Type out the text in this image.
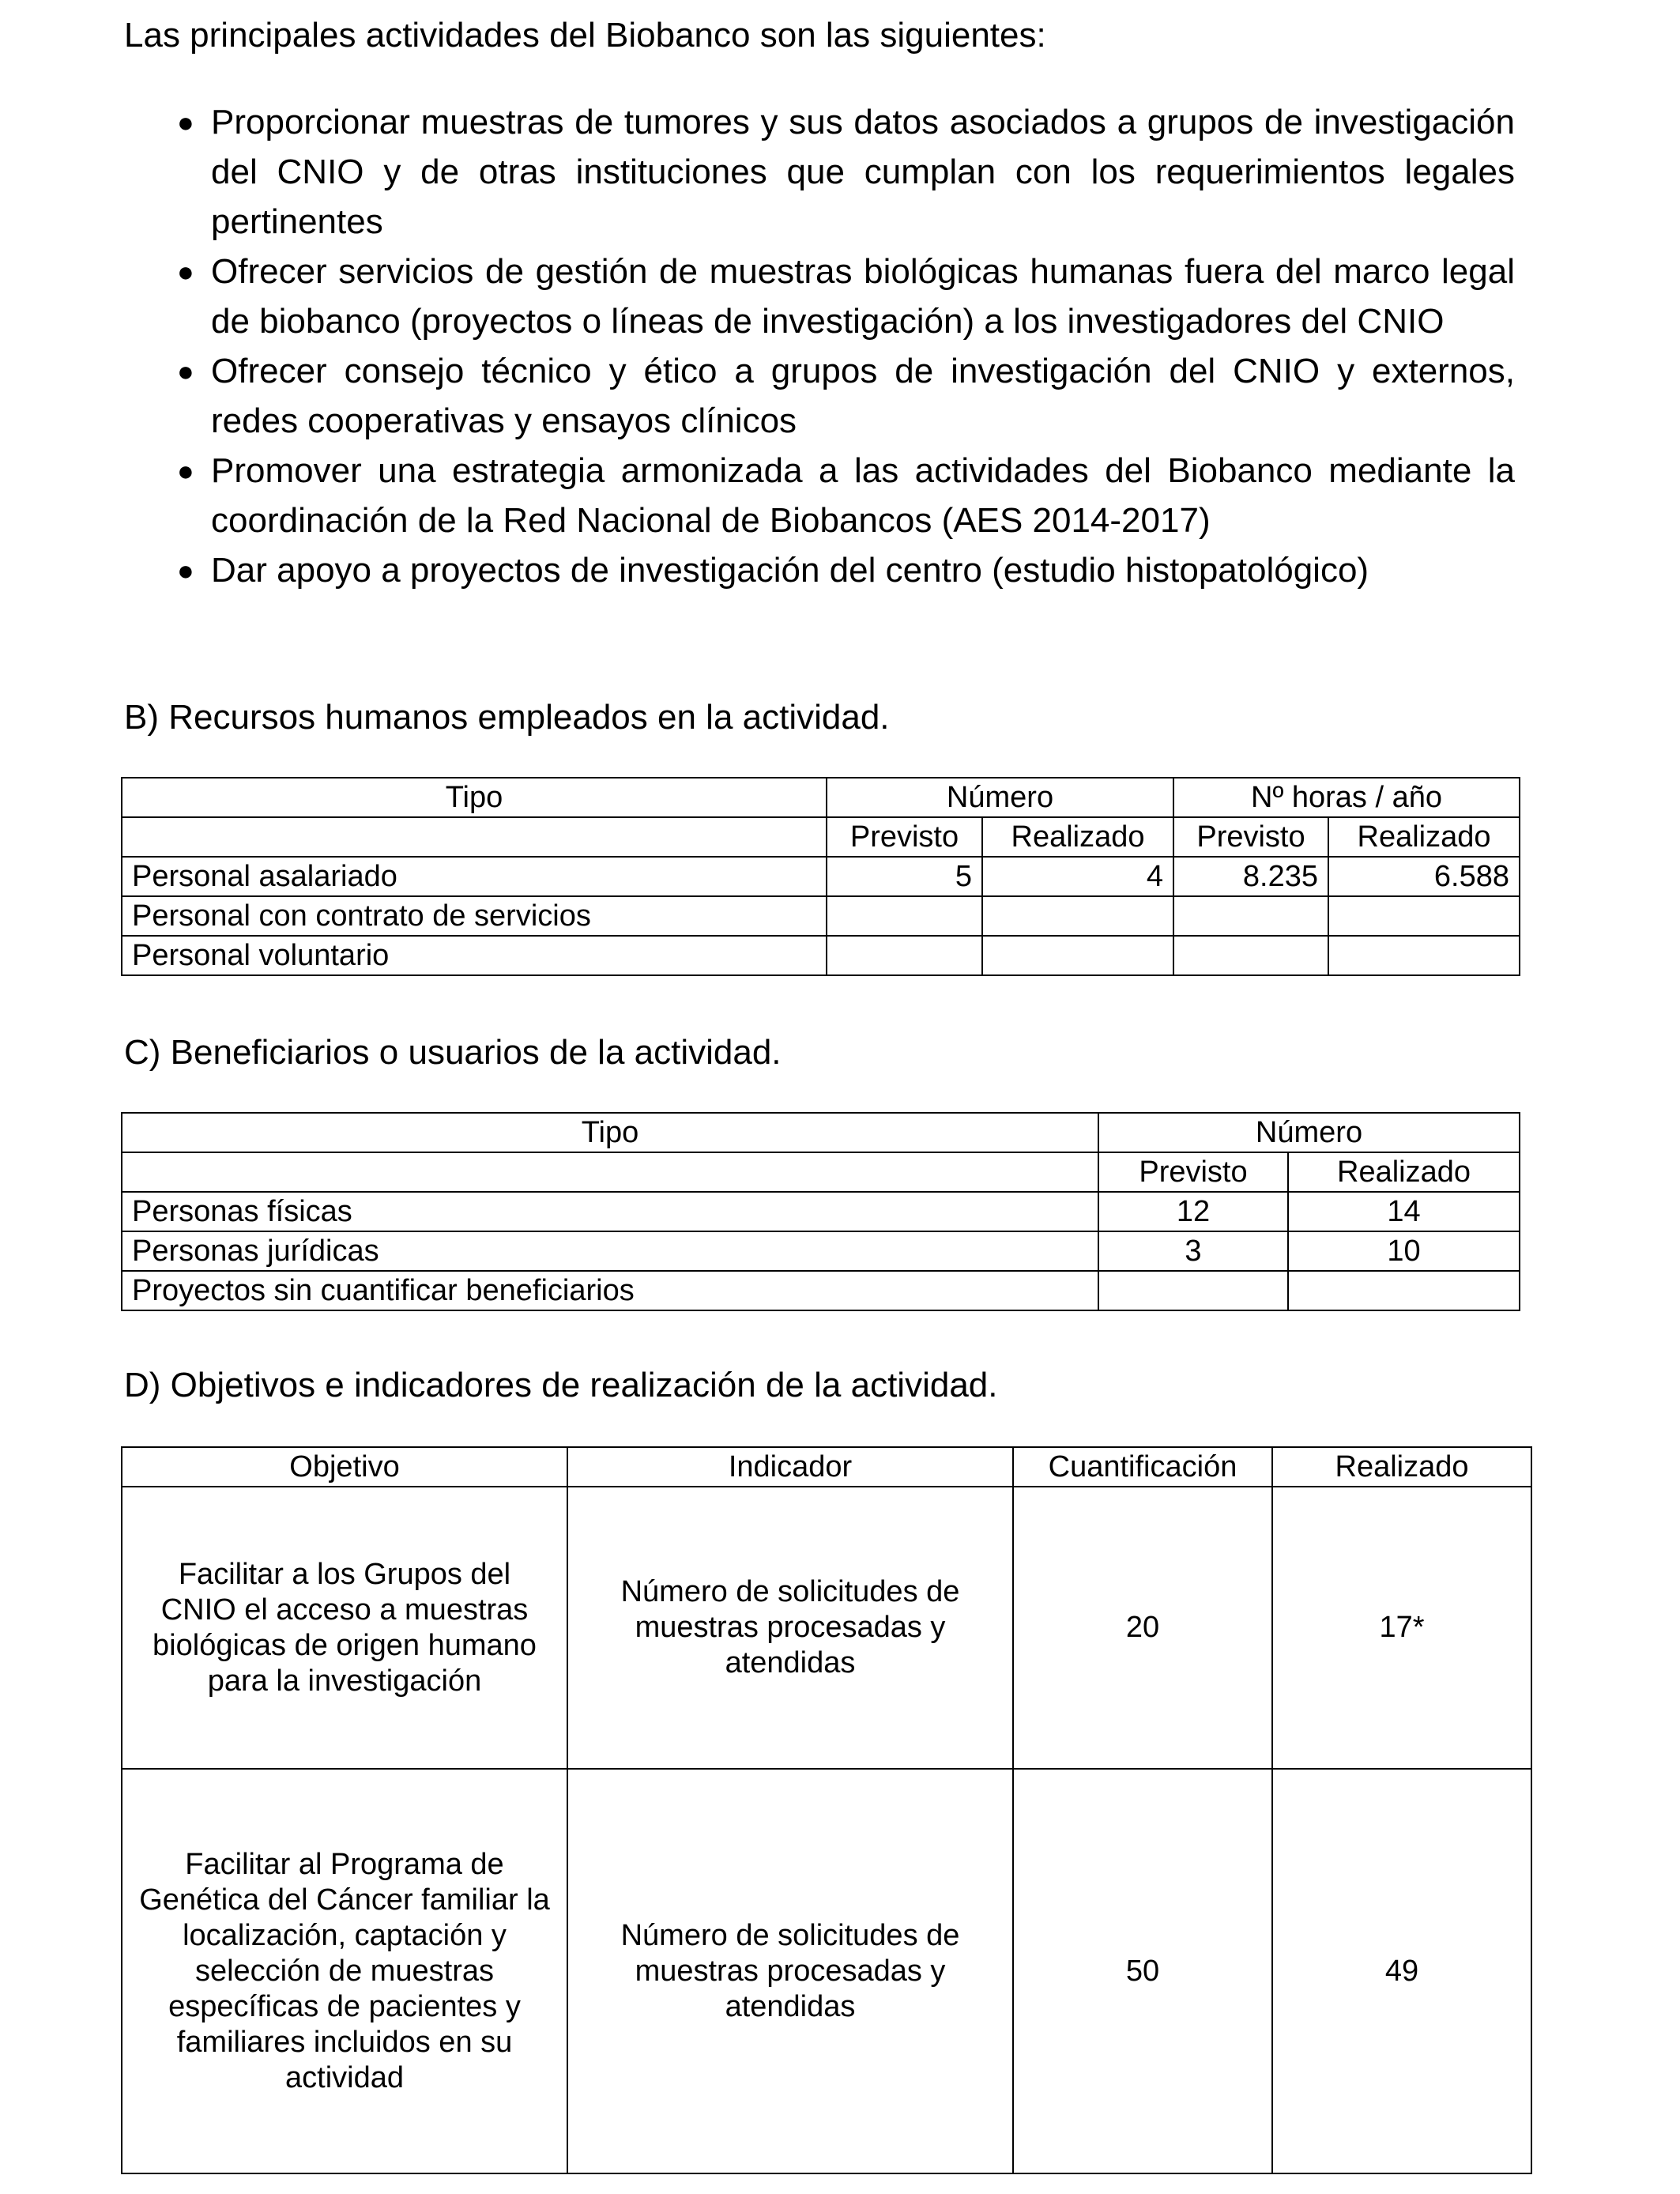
Las principales actividades del Biobanco son las siguientes:

● Proporcionar muestras de tumores y sus datos asociados a grupos de investigación del CNIO y de otras instituciones que cumplan con los requerimientos legales pertinentes
● Ofrecer servicios de gestión de muestras biológicas humanas fuera del marco legal de biobanco (proyectos o líneas de investigación) a los investigadores del CNIO
● Ofrecer consejo técnico y ético a grupos de investigación del CNIO y externos, redes cooperativas y ensayos clínicos
● Promover una estrategia armonizada a las actividades del Biobanco mediante la coordinación de la Red Nacional de Biobancos (AES 2014-2017)
● Dar apoyo a proyectos de investigación del centro (estudio histopatológico)
B) Recursos humanos empleados en la actividad.
Tipo	Número		Nº horas / año	
	Previsto	Realizado	Previsto	Realizado
Personal asalariado	5	4	8.235	6.588
Personal con contrato de servicios				
Personal voluntario				
C) Beneficiarios o usuarios de la actividad.
Tipo	Número	
	Previsto	Realizado
Personas físicas	12	14
Personas jurídicas	3	10
Proyectos sin cuantificar beneficiarios		
D) Objetivos e indicadores de realización de la actividad.
Objetivo	Indicador	Cuantificación	Realizado
Facilitar a los Grupos del CNIO el acceso a muestras biológicas de origen humano para la investigación	Número de solicitudes de muestras procesadas y atendidas	20	17*
Facilitar al Programa de Genética del Cáncer familiar la localización, captación y selección de muestras específicas de pacientes y familiares incluidos en su actividad	Número de solicitudes de muestras procesadas y atendidas	50	49
